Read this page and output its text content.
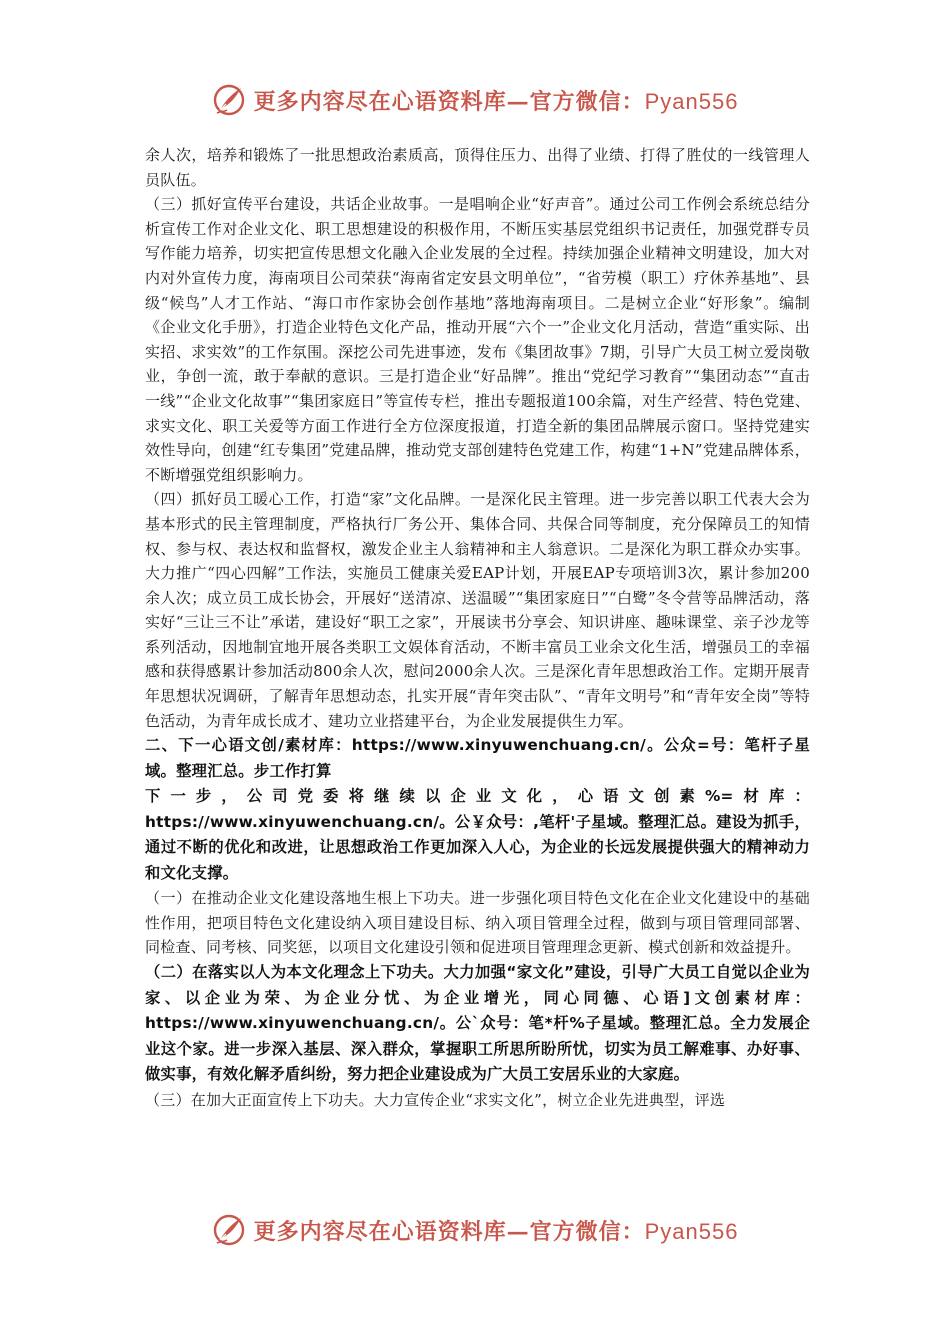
更多内容尽在心语资料库—官方微信：Pyan556

余人次，培养和锻炼了一批思想政治素质高，顶得住压力、出得了业绩、打得了胜仗的一线管理人员队伍。

（三）抓好宣传平台建设，共话企业故事。一是唱响企业“好声音”。通过公司工作例会系统总结分析宣传工作对企业文化、职工思想建设的积极作用，不断压实基层党组织书记责任，加强党群专员写作能力培养，切实把宣传思想文化融入企业发展的全过程。持续加强企业精神文明建设，加大对内对外宣传力度，海南项目公司荣获“海南省定安县文明单位”，“省劳模（职工）疗休养基地”、县级“候鸟”人才工作站、“海口市作家协会创作基地”落地海南项目。二是树立企业“好形象”。编制《企业文化手册》，打造企业特色文化产品，推动开展“六个一”企业文化月活动，营造“重实际、出实招、求实效”的工作氛围。深挖公司先进事迹，发布《集团故事》7期，引导广大员工树立爱岗敬业，争创一流，敢于奉献的意识。三是打造企业“好品牌”。推出“党纪学习教育”“集团动态”“直击一线”“企业文化故事”“集团家庭日”等宣传专栏，推出专题报道100余篇，对生产经营、特色党建、求实文化、职工关爱等方面工作进行全方位深度报道，打造全新的集团品牌展示窗口。坚持党建实效性导向，创建“红专集团”党建品牌，推动党支部创建特色党建工作，构建“1+N”党建品牌体系，不断增强党组织影响力。

（四）抓好员工暖心工作，打造“家”文化品牌。一是深化民主管理。进一步完善以职工代表大会为基本形式的民主管理制度，严格执行厂务公开、集体合同、共保合同等制度，充分保障员工的知情权、参与权、表达权和监督权，激发企业主人翁精神和主人翁意识。二是深化为职工群众办实事。大力推广“四心四解”工作法，实施员工健康关爱EAP计划，开展EAP专项培训3次，累计参加200余人次；成立员工成长协会，开展好“送清凉、送温暖”“集团家庭日”“白鹭”冬令营等品牌活动，落实好“三让三不让”承诺，建设好“职工之家”，开展读书分享会、知识讲座、趣味课堂、亲子沙龙等系列活动，因地制宜地开展各类职工文娱体育活动，不断丰富员工业余文化生活，增强员工的幸福感和获得感累计参加活动800余人次，慰问2000余人次。三是深化青年思想政治工作。定期开展青年思想状况调研，了解青年思想动态，扎实开展“青年突击队”、“青年文明号”和“青年安全岗”等特色活动，为青年成长成才、建功立业搭建平台，为企业发展提供生力军。

二、下一心语文创/素材库：https://www.xinyuwenchuang.cn/。公众=号：笔杆子星域。整理汇总。步工作打算

下一步，公司党委将继续以企业文化，心语文创素%=材库：https://www.xinyuwenchuang.cn/。公￥众号：,笔杆'子星域。整理汇总。建设为抓手，通过不断的优化和改进，让思想政治工作更加深入人心，为企业的长远发展提供强大的精神动力和文化支撑。

（一）在推动企业文化建设落地生根上下功夫。进一步强化项目特色文化在企业文化建设中的基础性作用，把项目特色文化建设纳入项目建设目标、纳入项目管理全过程，做到与项目管理同部署、同检查、同考核、同奖惩，以项目文化建设引领和促进项目管理理念更新、模式创新和效益提升。

（二）在落实以人为本文化理念上下功夫。大力加强“家文化”建设，引导广大员工自觉以企业为家、以企业为荣、为企业分忧、为企业增光，同心同德、心语]文创素材库：https://www.xinyuwenchuang.cn/。公`众号：笔*杆%子星域。整理汇总。全力发展企业这个家。进一步深入基层、深入群众，掌握职工所思所盼所忧，切实为员工解难事、办好事、做实事，有效化解矛盾纠纷，努力把企业建设成为广大员工安居乐业的大家庭。

（三）在加大正面宣传上下功夫。大力宣传企业“求实文化”，树立企业先进典型，评选

更多内容尽在心语资料库—官方微信：Pyan556
